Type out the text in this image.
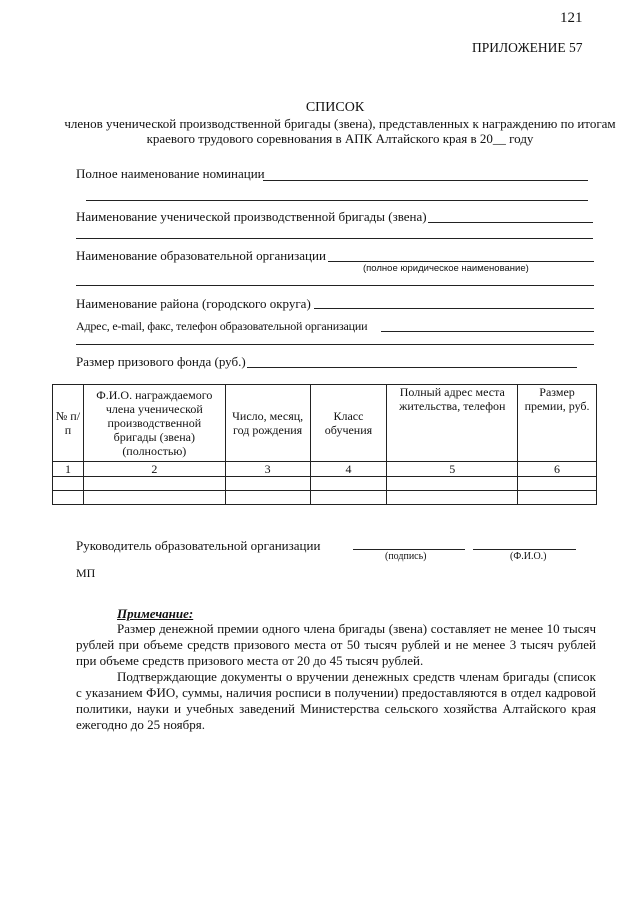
121
ПРИЛОЖЕНИЕ 57
СПИСОК
членов ученической производственной бригады (звена), представленных к награждению по итогам краевого трудового соревнования в АПК Алтайского края в 20__ году
Полное наименование номинации
Наименование ученической производственной бригады (звена)
Наименование образовательной организации
(полное юридическое наименование)
Наименование района (городского округа)
Адрес, e-mail, факс, телефон образовательной организации
Размер призового фонда (руб.)
№ п/п	Ф.И.О. награждаемого члена ученической производственной бригады (звена) (полностью)	Число, месяц, год рождения	Класс обучения	Полный адрес места жительства, телефон	Размер премии, руб.
1	2	3	4	5	6

Руководитель образовательной организации
(подпись)	(Ф.И.О.)
МП
Примечание:
Размер денежной премии одного члена бригады (звена) составляет не менее 10 тысяч рублей при объеме средств призового места от 50 тысяч рублей и не менее 3 тысяч рублей при объеме средств призового места от 20 до 45 тысяч рублей.
Подтверждающие документы о вручении денежных средств членам бригады (список с указанием ФИО, суммы, наличия росписи в получении) предоставляются в отдел кадровой политики, науки и учебных заведений Министерства сельского хозяйства Алтайского края ежегодно до 25 ноября.
